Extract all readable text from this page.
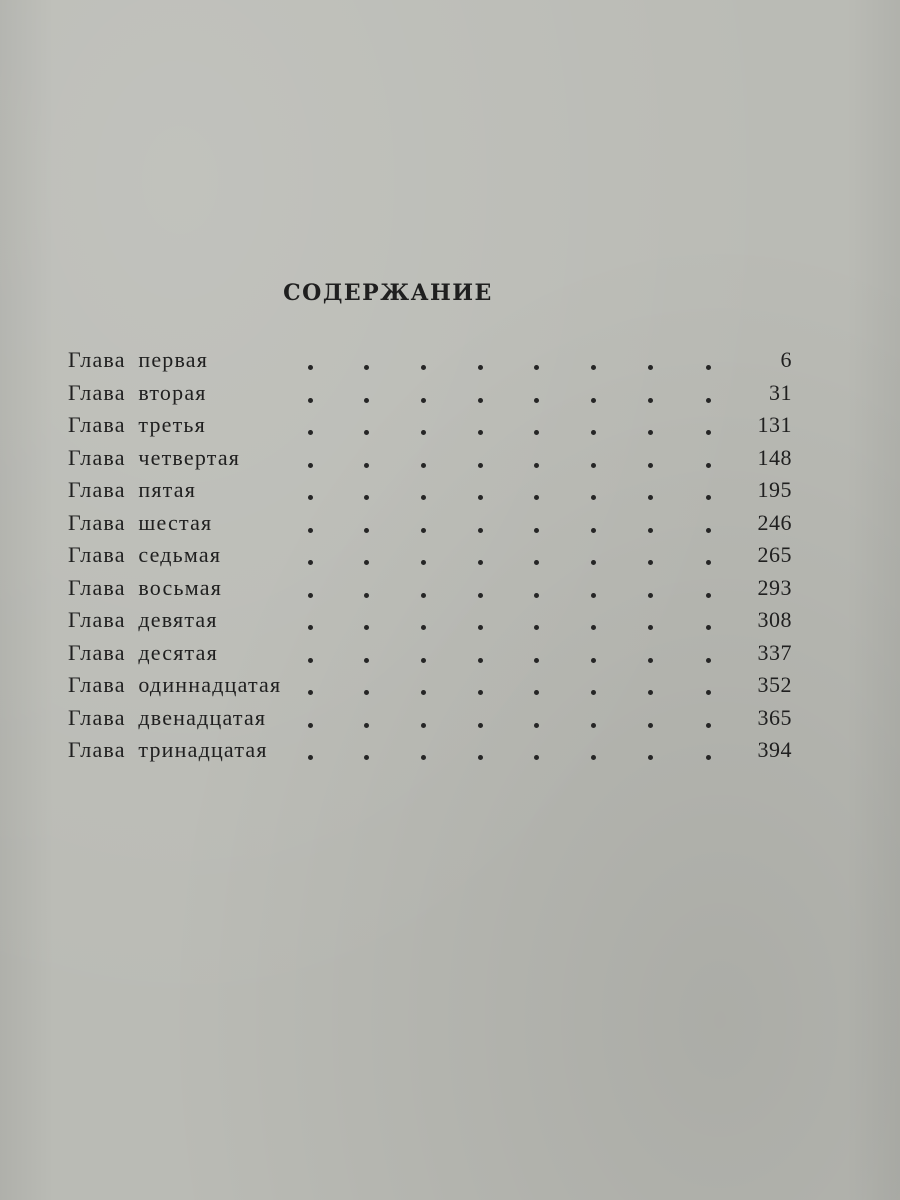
СОДЕРЖАНИЕ
Глава первая	6
Глава вторая	31
Глава третья	131
Глава четвертая	148
Глава пятая	195
Глава шестая	246
Глава седьмая	265
Глава восьмая	293
Глава девятая	308
Глава десятая	337
Глава одиннадцатая	352
Глава двенадцатая	365
Глава тринадцатая	394
